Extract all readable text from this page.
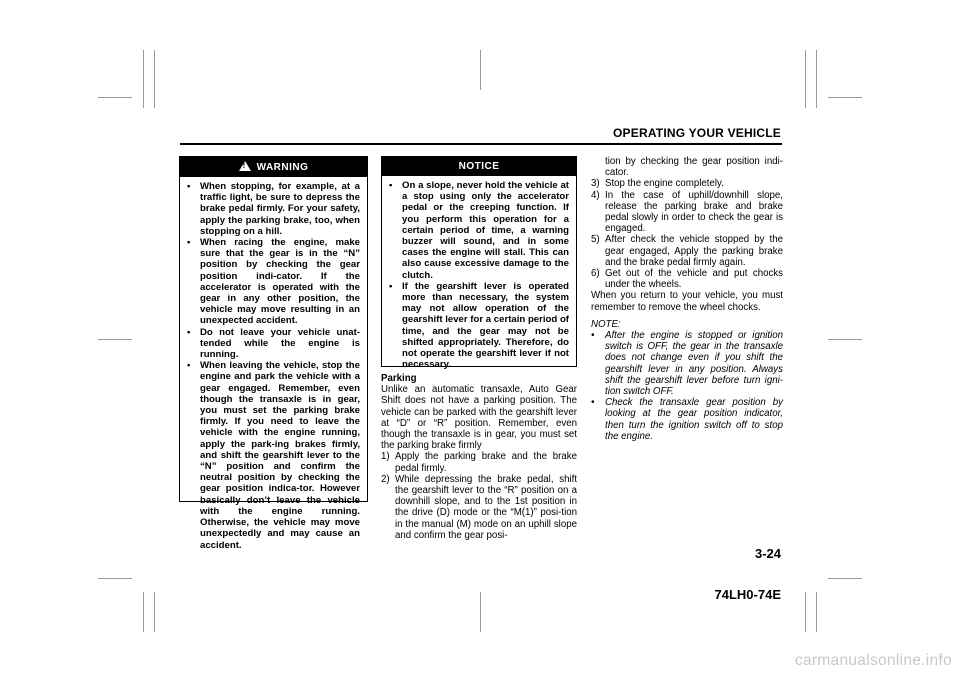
OPERATING YOUR VEHICLE
! WARNING
• When stopping, for example, at a traffic light, be sure to depress the brake pedal firmly. For your safety, apply the parking brake, too, when stopping on a hill.
• When racing the engine, make sure that the gear is in the “N” position by checking the gear position indi-cator. If the accelerator is operated with the gear in any other position, the vehicle may move resulting in an unexpected accident.
• Do not leave your vehicle unat-tended while the engine is running.
• When leaving the vehicle, stop the engine and park the vehicle with a gear engaged. Remember, even though the transaxle is in gear, you must set the parking brake firmly. If you need to leave the vehicle with the engine running, apply the park-ing brakes firmly, and shift the gearshift lever to the “N” position and confirm the neutral position by checking the gear position indica-tor. However basically don’t leave the vehicle with the engine running. Otherwise, the vehicle may move unexpectedly and may cause an accident.
NOTICE
• On a slope, never hold the vehicle at a stop using only the accelerator pedal or the creeping function. If you perform this operation for a certain period of time, a warning buzzer will sound, and in some cases the engine will stall. This can also cause excessive damage to the clutch.
• If the gearshift lever is operated more than necessary, the system may not allow operation of the gearshift lever for a certain period of time, and the gear may not be shifted appropriately. Therefore, do not operate the gearshift lever if not necessary.
Parking
Unlike an automatic transaxle, Auto Gear Shift does not have a parking position. The vehicle can be parked with the gearshift lever at “D” or “R” position. Remember, even though the transaxle is in gear, you must set the parking brake firmly
1) Apply the parking brake and the brake pedal firmly.
2) While depressing the brake pedal, shift the gearshift lever to the “R” position on a downhill slope, and to the 1st position in the drive (D) mode or the “M(1)” posi-tion in the manual (M) mode on an uphill slope and confirm the gear posi-
tion by checking the gear position indi-cator.
3) Stop the engine completely.
4) In the case of uphill/downhill slope, release the parking brake and brake pedal slowly in order to check the gear is engaged.
5) After check the vehicle stopped by the gear engaged, Apply the parking brake and the brake pedal firmly again.
6) Get out of the vehicle and put chocks under the wheels.
When you return to your vehicle, you must remember to remove the wheel chocks.
NOTE:
• After the engine is stopped or ignition switch is OFF, the gear in the transaxle does not change even if you shift the gearshift lever in any position. Always shift the gearshift lever before turn igni-tion switch OFF.
• Check the transaxle gear position by looking at the gear position indicator, then turn the ignition switch off to stop the engine.
3-24
74LH0-74E
carmanualsonline.info
